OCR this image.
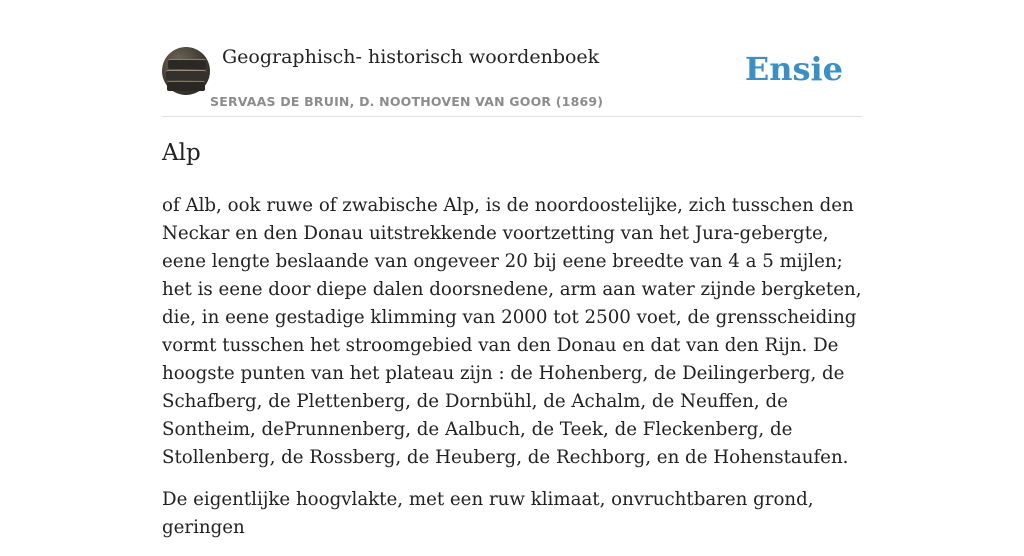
Geographisch- historisch woordenboek
SERVAAS DE BRUIN, D. NOOTHOVEN VAN GOOR (1869)
Ensie
Alp

of Alb, ook ruwe of zwabische Alp, is de noordoostelijke, zich tusschen den Neckar en den Donau uitstrekkende voortzetting van het Jura-gebergte, eene lengte beslaande van ongeveer 20 bij eene breedte van 4 a 5 mijlen; het is eene door diepe dalen doorsnedene, arm aan water zijnde bergketen, die, in eene gestadige klimming van 2000 tot 2500 voet, de grensscheiding vormt tusschen het stroomgebied van den Donau en dat van den Rijn. De hoogste punten van het plateau zijn : de Hohenberg, de Deilingerberg, de Schafberg, de Plettenberg, de Dornbühl, de Achalm, de Neuffen, de Sontheim, dePrunnenberg, de Aalbuch, de Teek, de Fleckenberg, de Stollenberg, de Rossberg, de Heuberg, de Rechborg, en de Hohenstaufen.

De eigentlijke hoogvlakte, met een ruw klimaat, onvruchtbaren grond, geringen
